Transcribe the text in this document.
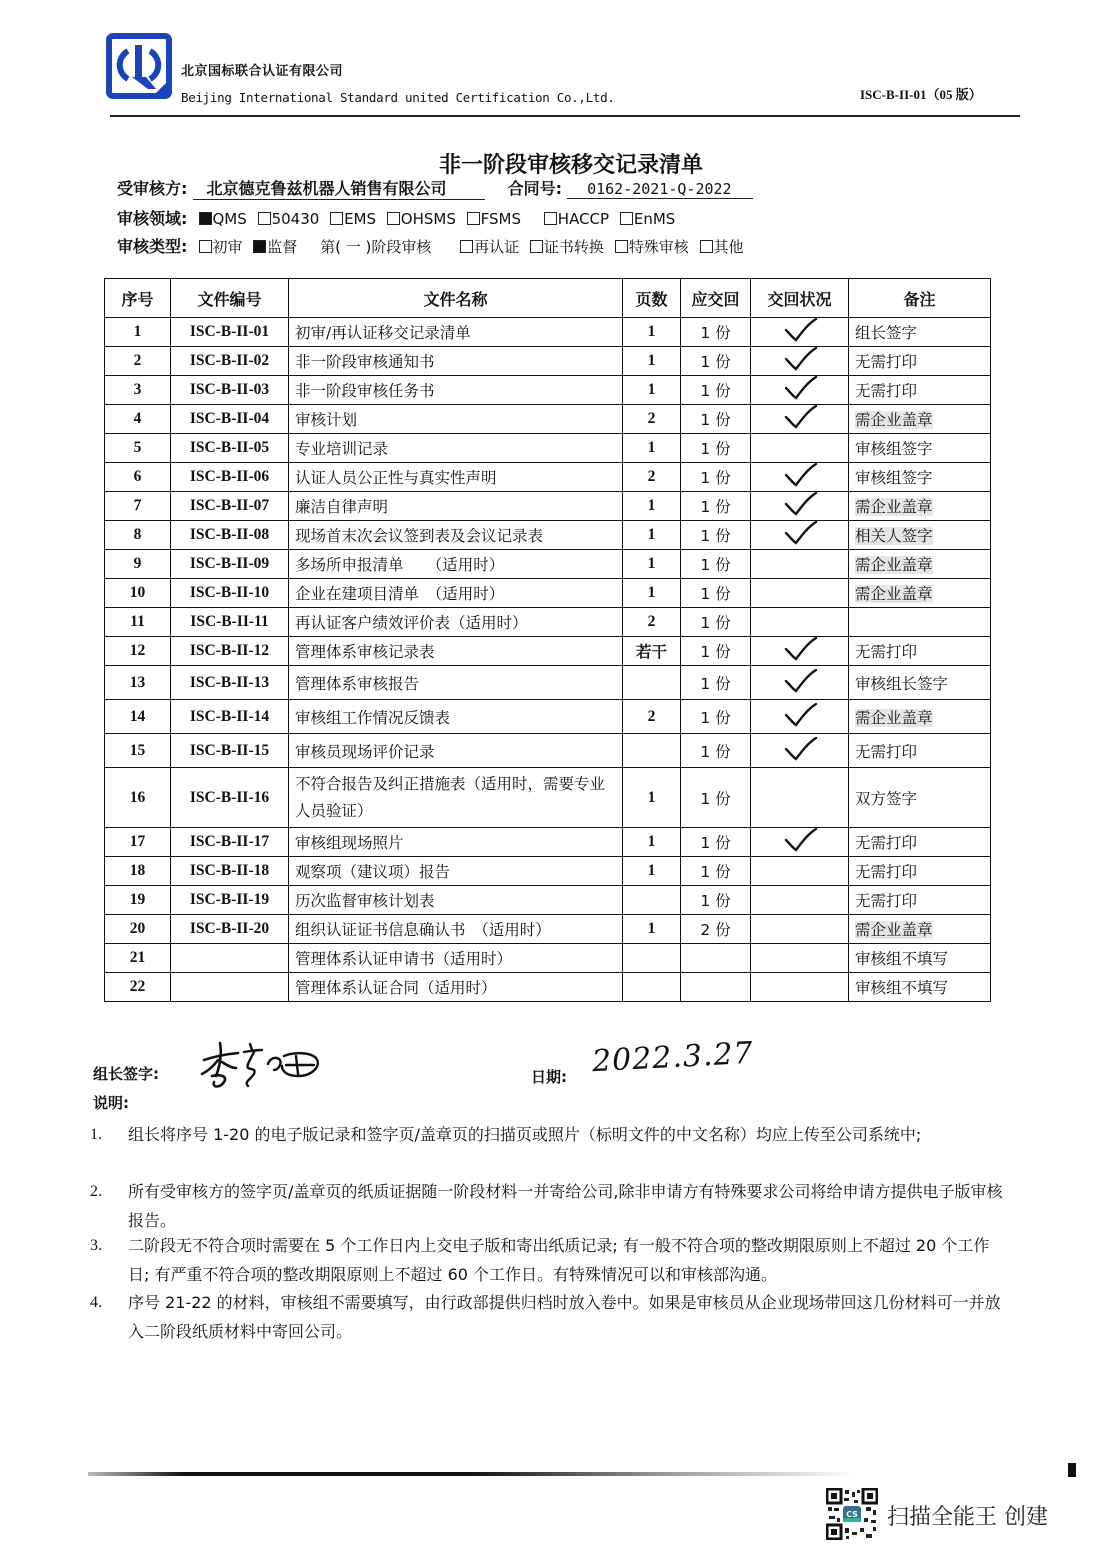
北京国标联合认证有限公司
Beijing International Standard united Certification Co.,Ltd.	ISC-B-II-01（05 版）
非一阶段审核移交记录清单
受审核方: 北京德克鲁兹机器人销售有限公司	合同号: 0162-2021-Q-2022
审核领域: QMS 50430 EMS OHSMS FSMS HACCP EnMS
审核类型: 初审 监督 第( 一 )阶段审核	再认证 证书转换 特殊审核 其他
序号	文件编号	文件名称	页数	应交回	交回状况	备注
1	ISC-B-II-01	初审/再认证移交记录清单	1	1 份		组长签字
2	ISC-B-II-02	非一阶段审核通知书	1	1 份		无需打印
3	ISC-B-II-03	非一阶段审核任务书	1	1 份		无需打印
4	ISC-B-II-04	审核计划	2	1 份		需企业盖章
5	ISC-B-II-05	专业培训记录	1	1 份		审核组签字
6	ISC-B-II-06	认证人员公正性与真实性声明	2	1 份		审核组签字
7	ISC-B-II-07	廉洁自律声明	1	1 份		需企业盖章
8	ISC-B-II-08	现场首末次会议签到表及会议记录表	1	1 份		相关人签字
9	ISC-B-II-09	多场所申报清单　　（适用时）	1	1 份		需企业盖章
10	ISC-B-II-10	企业在建项目清单　（适用时）	1	1 份		需企业盖章
11	ISC-B-II-11	再认证客户绩效评价表（适用时）	2	1 份		
12	ISC-B-II-12	管理体系审核记录表	若干	1 份		无需打印
13	ISC-B-II-13	管理体系审核报告		1 份		审核组长签字
14	ISC-B-II-14	审核组工作情况反馈表	2	1 份		需企业盖章
15	ISC-B-II-15	审核员现场评价记录		1 份		无需打印
16	ISC-B-II-16	不符合报告及纠正措施表（适用时，需要专业人员验证）	1	1 份		双方签字
17	ISC-B-II-17	审核组现场照片	1	1 份		无需打印
18	ISC-B-II-18	观察项（建议项）报告	1	1 份		无需打印
19	ISC-B-II-19	历次监督审核计划表		1 份		无需打印
20	ISC-B-II-20	组织认证证书信息确认书　（适用时）	1	2 份		需企业盖章
21		管理体系认证申请书（适用时）				审核组不填写
22		管理体系认证合同（适用时）				审核组不填写
组长签字:	日期: 2022.3.27
说明:
1. 组长将序号 1-20 的电子版记录和签字页/盖章页的扫描页或照片（标明文件的中文名称）均应上传至公司系统中;
2. 所有受审核方的签字页/盖章页的纸质证据随一阶段材料一并寄给公司,除非申请方有特殊要求公司将给申请方提供电子版审核报告。
3. 二阶段无不符合项时需要在 5 个工作日内上交电子版和寄出纸质记录; 有一般不符合项的整改期限原则上不超过 20 个工作日; 有严重不符合项的整改期限原则上不超过 60 个工作日。有特殊情况可以和审核部沟通。
4. 序号 21-22 的材料，审核组不需要填写，由行政部提供归档时放入卷中。如果是审核员从企业现场带回这几份材料可一并放入二阶段纸质材料中寄回公司。
CS 扫描全能王 创建
